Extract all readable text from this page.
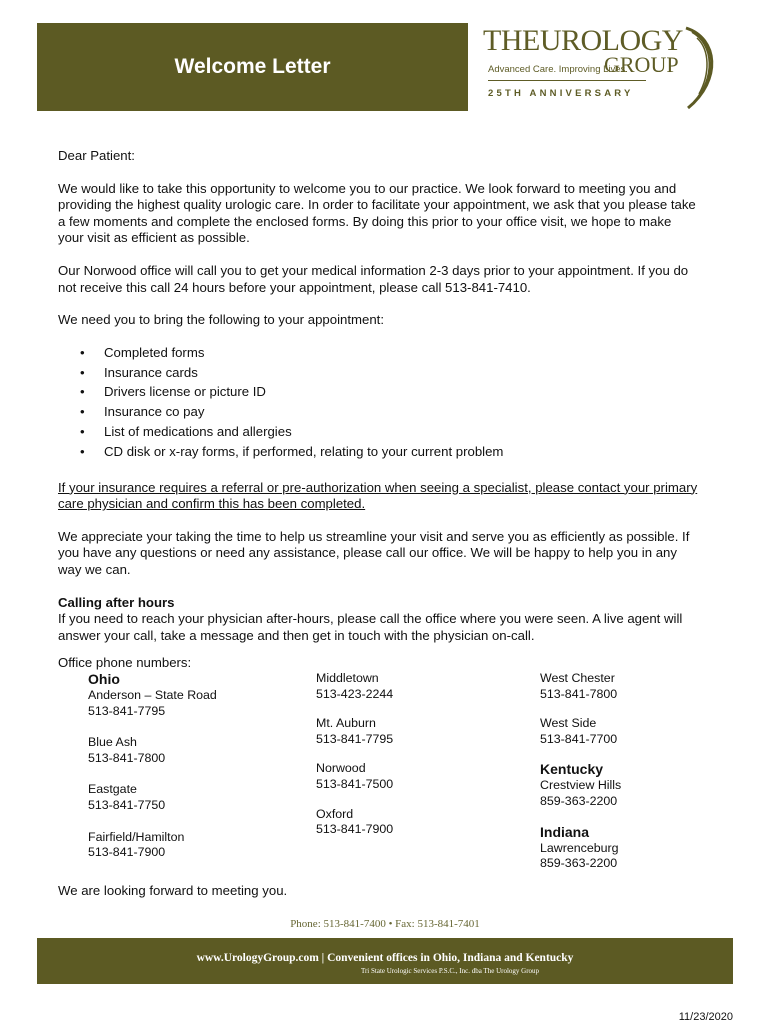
Welcome Letter
THEUROLOGY
GROUP
Advanced Care. Improving Lives.
25TH ANNIVERSARY

Dear Patient:

We would like to take this opportunity to welcome you to our practice. We look forward to meeting you and providing the highest quality urologic care. In order to facilitate your appointment, we ask that you please take a few moments and complete the enclosed forms. By doing this prior to your office visit, we hope to make your visit as efficient as possible.

Our Norwood office will call you to get your medical information 2-3 days prior to your appointment. If you do not receive this call 24 hours before your appointment, please call 513-841-7410.

We need you to bring the following to your appointment:

• Completed forms
• Insurance cards
• Drivers license or picture ID
• Insurance co pay
• List of medications and allergies
• CD disk or x-ray forms, if performed, relating to your current problem

If your insurance requires a referral or pre-authorization when seeing a specialist, please contact your primary care physician and confirm this has been completed.

We appreciate your taking the time to help us streamline your visit and serve you as efficiently as possible. If you have any questions or need any assistance, please call our office. We will be happy to help you in any way we can.

Calling after hours

If you need to reach your physician after-hours, please call the office where you were seen. A live agent will answer your call, take a message and then get in touch with the physician on-call.

Office phone numbers:
Ohio
Anderson – State Road
513-841-7795
Blue Ash
513-841-7800
Eastgate
513-841-7750
Fairfield/Hamilton
513-841-7900
Middletown
513-423-2244
Mt. Auburn
513-841-7795
Norwood
513-841-7500
Oxford
513-841-7900
West Chester
513-841-7800
West Side
513-841-7700
Kentucky
Crestview Hills
859-363-2200
Indiana
Lawrenceburg
859-363-2200
We are looking forward to meeting you.
Phone: 513-841-7400 • Fax: 513-841-7401
www.UrologyGroup.com | Convenient offices in Ohio, Indiana and Kentucky
Tri State Urologic Services P.S.C., Inc. dba The Urology Group
11/23/2020
